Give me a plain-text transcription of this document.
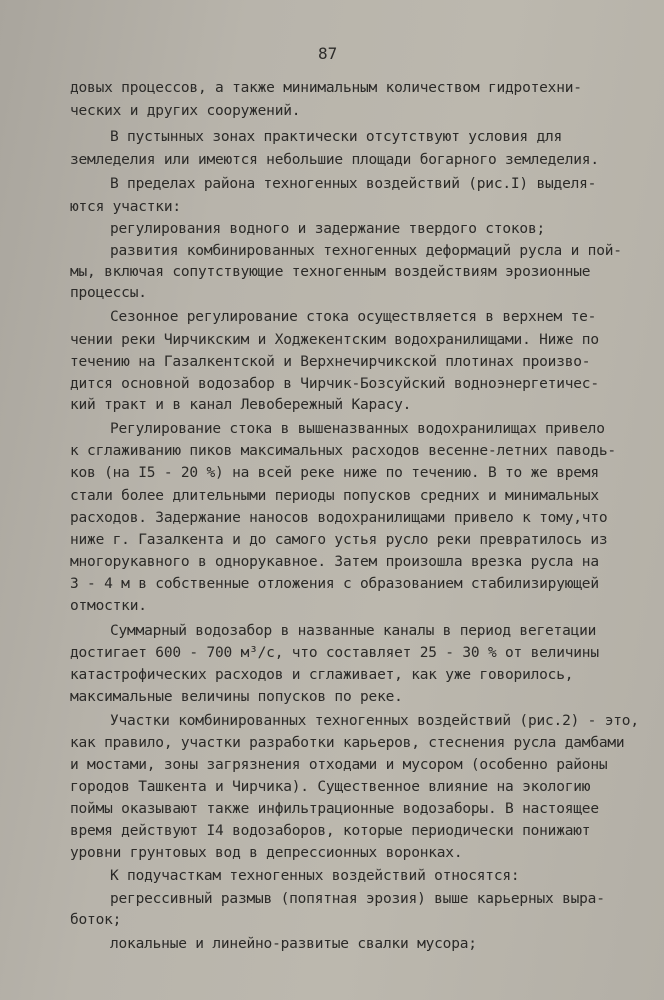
87
довых процессов, а также минимальным количеством гидротехни-
ческих и других сооружений.
В пустынных зонах практически отсутствуют условия для
земледелия или имеются небольшие площади богарного земледелия.
В пределах района техногенных воздействий (рис.I) выделя-
ются участки:
регулирования водного и задержание твердого стоков;
развития комбинированных техногенных деформаций русла и пой-
мы, включая сопутствующие техногенным воздействиям эрозионные
процессы.
Сезонное регулирование стока осуществляется в верхнем те-
чении реки Чирчикским и Ходжекентским водохранилищами. Ниже по
течению на Газалкентской и Верхнечирчикской плотинах произво-
дится основной водозабор в Чирчик-Бозсуйский водноэнергетичес-
кий тракт и в канал Левобережный Карасу.
Регулирование стока в вышеназванных водохранилищах привело
к сглаживанию пиков максимальных расходов весенне-летних паводь-
ков (на I5 - 20 %) на всей реке ниже по течению. В то же время
стали более длительными периоды попусков средних и минимальных
расходов. Задержание наносов водохранилищами привело к тому,что
ниже г. Газалкента и до самого устья русло реки превратилось из
многорукавного в однорукавное. Затем произошла врезка русла на
3 - 4 м в собственные отложения с образованием стабилизирующей
отмостки.
Суммарный водозабор в названные каналы в период вегетации
достигает 600 - 700 м³/с, что составляет 25 - 30 % от величины
катастрофических расходов и сглаживает, как уже говорилось,
максимальные величины попусков по реке.
Участки комбинированных техногенных воздействий (рис.2) - это,
как правило, участки разработки карьеров, стеснения русла дамбами
и мостами, зоны загрязнения отходами и мусором (особенно районы
городов Ташкента и Чирчика). Существенное влияние на экологию
поймы оказывают также инфильтрационные водозаборы. В настоящее
время действуют I4 водозаборов, которые периодически понижают
уровни грунтовых вод в депрессионных воронках.
К подучасткам техногенных воздействий относятся:
регрессивный размыв (попятная эрозия) выше карьерных выра-
боток;
локальные и линейно-развитые свалки мусора;
